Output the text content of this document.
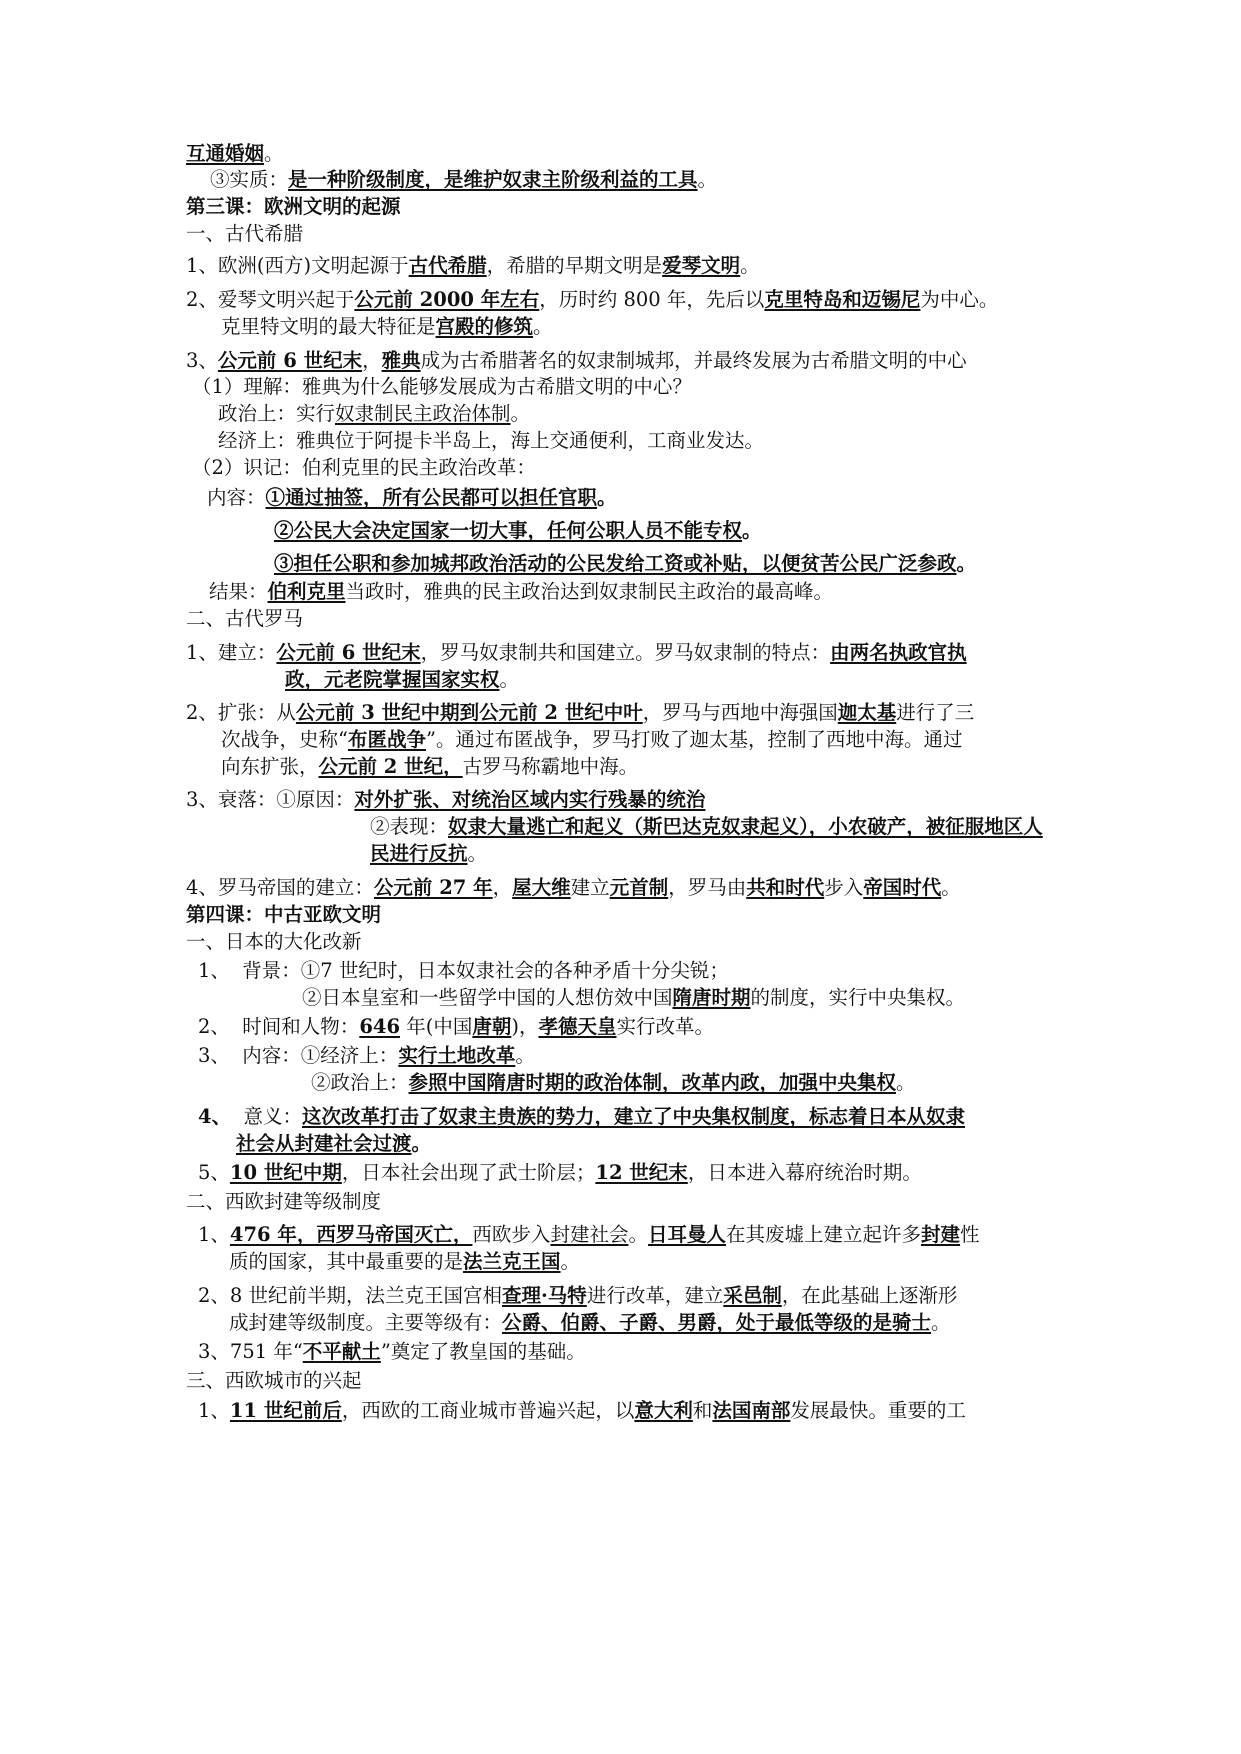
互通婚姻。
③实质：是一种阶级制度，是维护奴隶主阶级利益的工具。
第三课：欧洲文明的起源
一、古代希腊
1、欧洲(西方)文明起源于古代希腊，希腊的早期文明是爱琴文明。
2、爱琴文明兴起于公元前 2000 年左右，历时约 800 年，先后以克里特岛和迈锡尼为中心。
克里特文明的最大特征是宫殿的修筑。
3、公元前 6 世纪末，雅典成为古希腊著名的奴隶制城邦，并最终发展为古希腊文明的中心
（1）理解：雅典为什么能够发展成为古希腊文明的中心？
政治上：实行奴隶制民主政治体制。
经济上：雅典位于阿提卡半岛上，海上交通便利，工商业发达。
（2）识记：伯利克里的民主政治改革：
内容：①通过抽签，所有公民都可以担任官职。
②公民大会决定国家一切大事，任何公职人员不能专权。
③担任公职和参加城邦政治活动的公民发给工资或补贴，以便贫苦公民广泛参政。
结果：伯利克里当政时，雅典的民主政治达到奴隶制民主政治的最高峰。
二、古代罗马
1、建立：公元前 6 世纪末，罗马奴隶制共和国建立。罗马奴隶制的特点：由两名执政官执
政，元老院掌握国家实权。
2、扩张：从公元前 3 世纪中期到公元前 2 世纪中叶，罗马与西地中海强国迦太基进行了三
次战争，史称“布匿战争”。通过布匿战争，罗马打败了迦太基，控制了西地中海。通过
向东扩张，公元前 2 世纪，古罗马称霸地中海。
3、衰落：①原因：对外扩张、对统治区域内实行残暴的统治
②表现：奴隶大量逃亡和起义（斯巴达克奴隶起义），小农破产，被征服地区人
民进行反抗。
4、罗马帝国的建立：公元前 27 年，屋大维建立元首制，罗马由共和时代步入帝国时代。
第四课：中古亚欧文明
一、日本的大化改新
1、  背景：①7 世纪时，日本奴隶社会的各种矛盾十分尖锐；
②日本皇室和一些留学中国的人想仿效中国隋唐时期的制度，实行中央集权。
2、  时间和人物：646 年(中国唐朝)，孝德天皇实行改革。
3、  内容：①经济上：实行土地改革。
②政治上：参照中国隋唐时期的政治体制，改革内政，加强中央集权。
4、  意义：这次改革打击了奴隶主贵族的势力，建立了中央集权制度，标志着日本从奴隶
社会从封建社会过渡。
5、10 世纪中期，日本社会出现了武士阶层；12 世纪末，日本进入幕府统治时期。
二、西欧封建等级制度
1、476 年，西罗马帝国灭亡，西欧步入封建社会。日耳曼人在其废墟上建立起许多封建性
质的国家，其中最重要的是法兰克王国。
2、8 世纪前半期，法兰克王国宫相查理·马特进行改革，建立采邑制，在此基础上逐渐形
成封建等级制度。主要等级有：公爵、伯爵、子爵、男爵，处于最低等级的是骑士。
3、751 年“不平献土”奠定了教皇国的基础。
三、西欧城市的兴起
1、11 世纪前后，西欧的工商业城市普遍兴起，以意大利和法国南部发展最快。重要的工
